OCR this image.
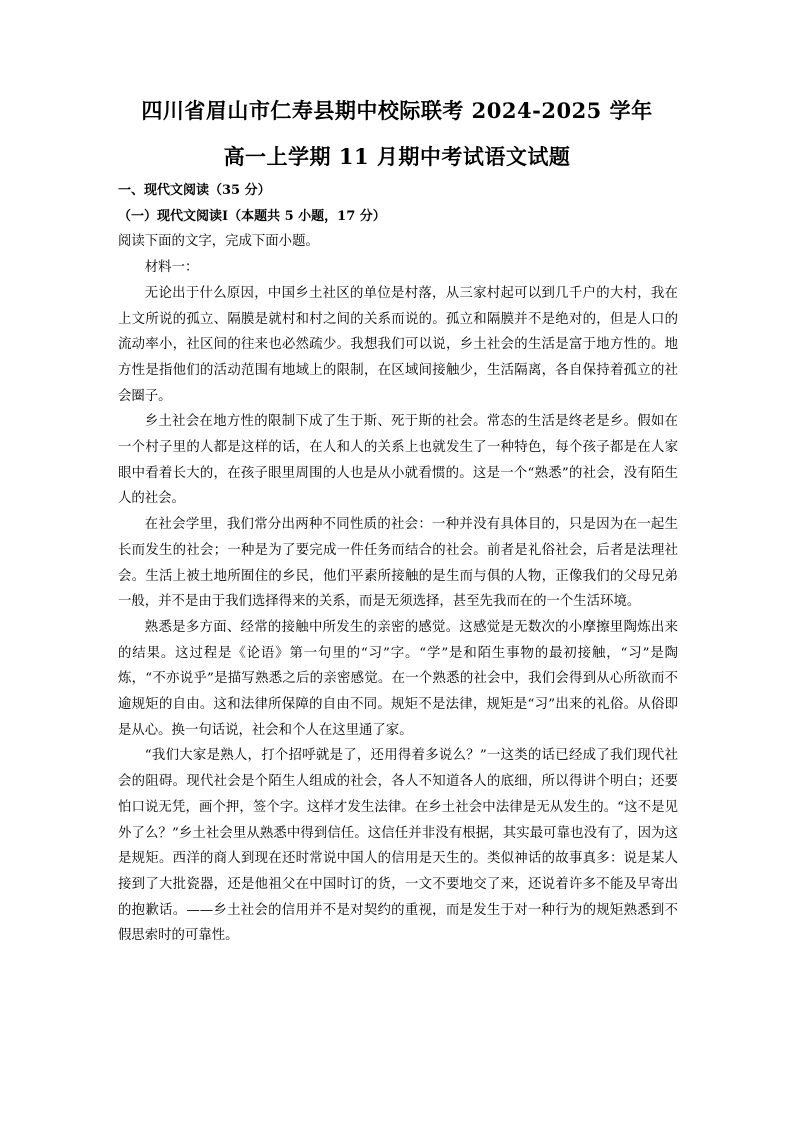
四川省眉山市仁寿县期中校际联考 2024-2025 学年
高一上学期 11 月期中考试语文试题
一、现代文阅读（35 分）
（一）现代文阅读Ⅰ（本题共 5 小题，17 分）
阅读下面的文字，完成下面小题。
材料一：

无论出于什么原因，中国乡土社区的单位是村落，从三家村起可以到几千户的大村，我在上文所说的孤立、隔膜是就村和村之间的关系而说的。孤立和隔膜并不是绝对的，但是人口的流动率小，社区间的往来也必然疏少。我想我们可以说，乡土社会的生活是富于地方性的。地方性是指他们的活动范围有地域上的限制，在区域间接触少，生活隔离，各自保持着孤立的社会圈子。

乡土社会在地方性的限制下成了生于斯、死于斯的社会。常态的生活是终老是乡。假如在一个村子里的人都是这样的话，在人和人的关系上也就发生了一种特色，每个孩子都是在人家眼中看着长大的，在孩子眼里周围的人也是从小就看惯的。这是一个“熟悉”的社会，没有陌生人的社会。

在社会学里，我们常分出两种不同性质的社会：一种并没有具体目的，只是因为在一起生长而发生的社会；一种是为了要完成一件任务而结合的社会。前者是礼俗社会，后者是法理社会。生活上被土地所囿住的乡民，他们平素所接触的是生而与俱的人物，正像我们的父母兄弟一般，并不是由于我们选择得来的关系，而是无须选择，甚至先我而在的一个生活环境。

熟悉是多方面、经常的接触中所发生的亲密的感觉。这感觉是无数次的小摩擦里陶炼出来的结果。这过程是《论语》第一句里的“习”字。“学”是和陌生事物的最初接触，“习”是陶炼，“不亦说乎”是描写熟悉之后的亲密感觉。在一个熟悉的社会中，我们会得到从心所欲而不逾规矩的自由。这和法律所保障的自由不同。规矩不是法律，规矩是“习”出来的礼俗。从俗即是从心。换一句话说，社会和个人在这里通了家。

“我们大家是熟人，打个招呼就是了，还用得着多说么？”一这类的话已经成了我们现代社会的阻碍。现代社会是个陌生人组成的社会，各人不知道各人的底细，所以得讲个明白；还要怕口说无凭，画个押，签个字。这样才发生法律。在乡土社会中法律是无从发生的。“这不是见外了么？”乡土社会里从熟悉中得到信任。这信任并非没有根据，其实最可靠也没有了，因为这是规矩。西洋的商人到现在还时常说中国人的信用是天生的。类似神话的故事真多：说是某人接到了大批瓷器，还是他祖父在中国时订的货，一文不要地交了来，还说着许多不能及早寄出的抱歉话。——乡土社会的信用并不是对契约的重视，而是发生于对一种行为的规矩熟悉到不假思索时的可靠性。
